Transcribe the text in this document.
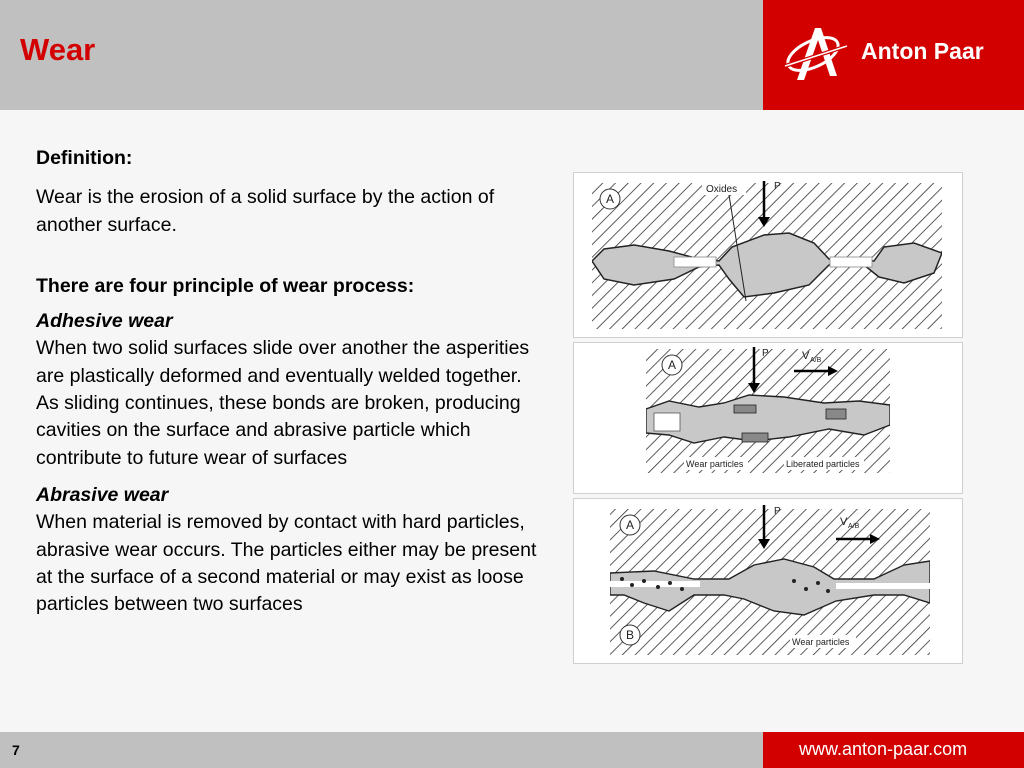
Wear	Anton Paar

Definition:

Wear is the erosion of a solid surface by the action of another surface.

There are four principle of wear process:

Adhesive wear

When two solid surfaces slide over another the asperities are plastically deformed and eventually welded together. As sliding continues, these bonds are broken, producing cavities on the surface and abrasive particle which contribute to future wear of surfaces

Abrasive wear

When material is removed by contact with hard particles, abrasive wear occurs. The particles either may be present at the surface of a second material or may exist as loose particles between two surfaces

A
Oxides	P
A
P	V A/B
Wear particles	Liberated particles
A
B
P
V A/B
Wear particles
7	www.anton-paar.com
